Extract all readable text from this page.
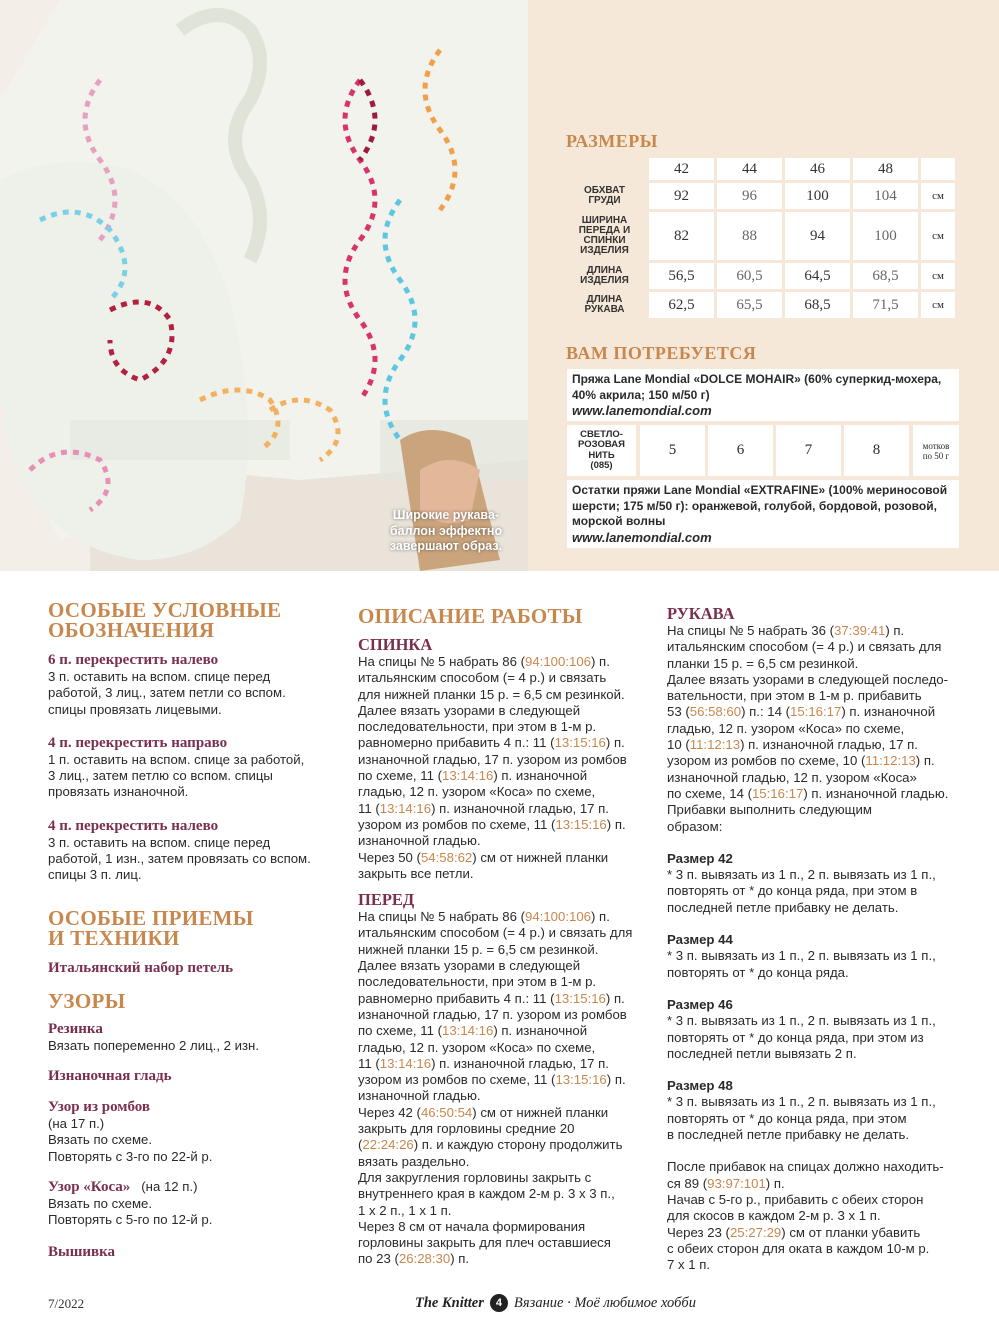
Широкие рукава-
баллон эффектно
завершают образ.
РАЗМЕРЫ
	42	44	46	48	
ОБХВАТ
ГРУДИ	92	96	100	104	см
ШИРИНА
ПЕРЕДА И
СПИНКИ
ИЗДЕЛИЯ	82	88	94	100	см
ДЛИНА
ИЗДЕЛИЯ	56,5	60,5	64,5	68,5	см
ДЛИНА
РУКАВА	62,5	65,5	68,5	71,5	см
ВАМ ПОТРЕБУЕТСЯ
Пряжа Lane Mondial «DOLCE MOHAIR» (60% суперкид-мохера,
40% акрила; 150 м/50 г)
www.lanemondial.com
СВЕТЛО-
РОЗОВАЯ
НИТЬ
(085)
5	6	7	8	мотков
по 50 г
Остатки пряжи Lane Mondial «EXTRAFINE» (100% мериносовой
шерсти; 175 м/50 г): оранжевой, голубой, бордовой, розовой,
морской волны
www.lanemondial.com
ОСОБЫЕ УСЛОВНЫЕ
ОБОЗНАЧЕНИЯ
6 п. перекрестить налево

3 п. оставить на вспом. спице перед

работой, 3 лиц., затем петли со вспом.

спицы провязать лицевыми.

4 п. перекрестить направо

1 п. оставить на вспом. спице за работой,

3 лиц., затем петлю со вспом. спицы

провязать изнаночной.

4 п. перекрестить налево

3 п. оставить на вспом. спице перед

работой, 1 изн., затем провязать со вспом.

спицы 3 п. лиц.

ОСОБЫЕ ПРИЕМЫ
И ТЕХНИКИ
Итальянский набор петель
УЗОРЫ
Резинка

Вязать попеременно 2 лиц., 2 изн.

Изнаночная гладь
Узор из ромбов

(на 17 п.)

Вязать по схеме.

Повторять с 3-го по 22-й р.

Узор «Коса» (на 12 п.)

Вязать по схеме.

Повторять с 5-го по 12-й р.

Вышивка
ОПИСАНИЕ РАБОТЫ
СПИНКА

На спицы № 5 набрать 86 (94:100:106) п.

итальянским способом (= 4 р.) и связать

для нижней планки 15 р. = 6,5 см резинкой.

Далее вязать узорами в следующей

последовательности, при этом в 1-м р.

равномерно прибавить 4 п.: 11 (13:15:16) п.

изнаночной гладью, 17 п. узором из ромбов

по схеме, 11 (13:14:16) п. изнаночной

гладью, 12 п. узором «Коса» по схеме,

11 (13:14:16) п. изнаночной гладью, 17 п.

узором из ромбов по схеме, 11 (13:15:16) п.

изнаночной гладью.

Через 50 (54:58:62) см от нижней планки

закрыть все петли.

ПЕРЕД

На спицы № 5 набрать 86 (94:100:106) п.

итальянским способом (= 4 р.) и связать для

нижней планки 15 р. = 6,5 см резинкой.

Далее вязать узорами в следующей

последовательности, при этом в 1-м р.

равномерно прибавить 4 п.: 11 (13:15:16) п.

изнаночной гладью, 17 п. узором из ромбов

по схеме, 11 (13:14:16) п. изнаночной

гладью, 12 п. узором «Коса» по схеме,

11 (13:14:16) п. изнаночной гладью, 17 п.

узором из ромбов по схеме, 11 (13:15:16) п.

изнаночной гладью.

Через 42 (46:50:54) см от нижней планки

закрыть для горловины средние 20

(22:24:26) п. и каждую сторону продолжить

вязать раздельно.

Для закругления горловины закрыть с

внутреннего края в каждом 2-м р. 3 х 3 п.,

1 х 2 п., 1 х 1 п.

Через 8 см от начала формирования

горловины закрыть для плеч оставшиеся

по 23 (26:28:30) п.

РУКАВА

На спицы № 5 набрать 36 (37:39:41) п.

итальянским способом (= 4 р.) и связать для

планки 15 р. = 6,5 см резинкой.

Далее вязать узорами в следующей последо-

вательности, при этом в 1-м р. прибавить

53 (56:58:60) п.: 14 (15:16:17) п. изнаночной

гладью, 12 п. узором «Коса» по схеме,

10 (11:12:13) п. изнаночной гладью, 17 п.

узором из ромбов по схеме, 10 (11:12:13) п.

изнаночной гладью, 12 п. узором «Коса»

по схеме, 14 (15:16:17) п. изнаночной гладью.

Прибавки выполнить следующим

образом:

Размер 42

* 3 п. вывязать из 1 п., 2 п. вывязать из 1 п.,

повторять от * до конца ряда, при этом в

последней петле прибавку не делать.

Размер 44

* 3 п. вывязать из 1 п., 2 п. вывязать из 1 п.,

повторять от * до конца ряда.

Размер 46

* 3 п. вывязать из 1 п., 2 п. вывязать из 1 п.,

повторять от * до конца ряда, при этом из

последней петли вывязать 2 п.

Размер 48

* 3 п. вывязать из 1 п., 2 п. вывязать из 1 п.,

повторять от * до конца ряда, при этом

в последней петле прибавку не делать.

После прибавок на спицах должно находить-

ся 89 (93:97:101) п.

Начав с 5-го р., прибавить с обеих сторон

для скосов в каждом 2-м р. 3 х 1 п.

Через 23 (25:27:29) см от планки убавить

с обеих сторон для оката в каждом 10-м р.

7 х 1 п.

7/2022	The Knitter	4 Вязание · Моё любимое хобби
